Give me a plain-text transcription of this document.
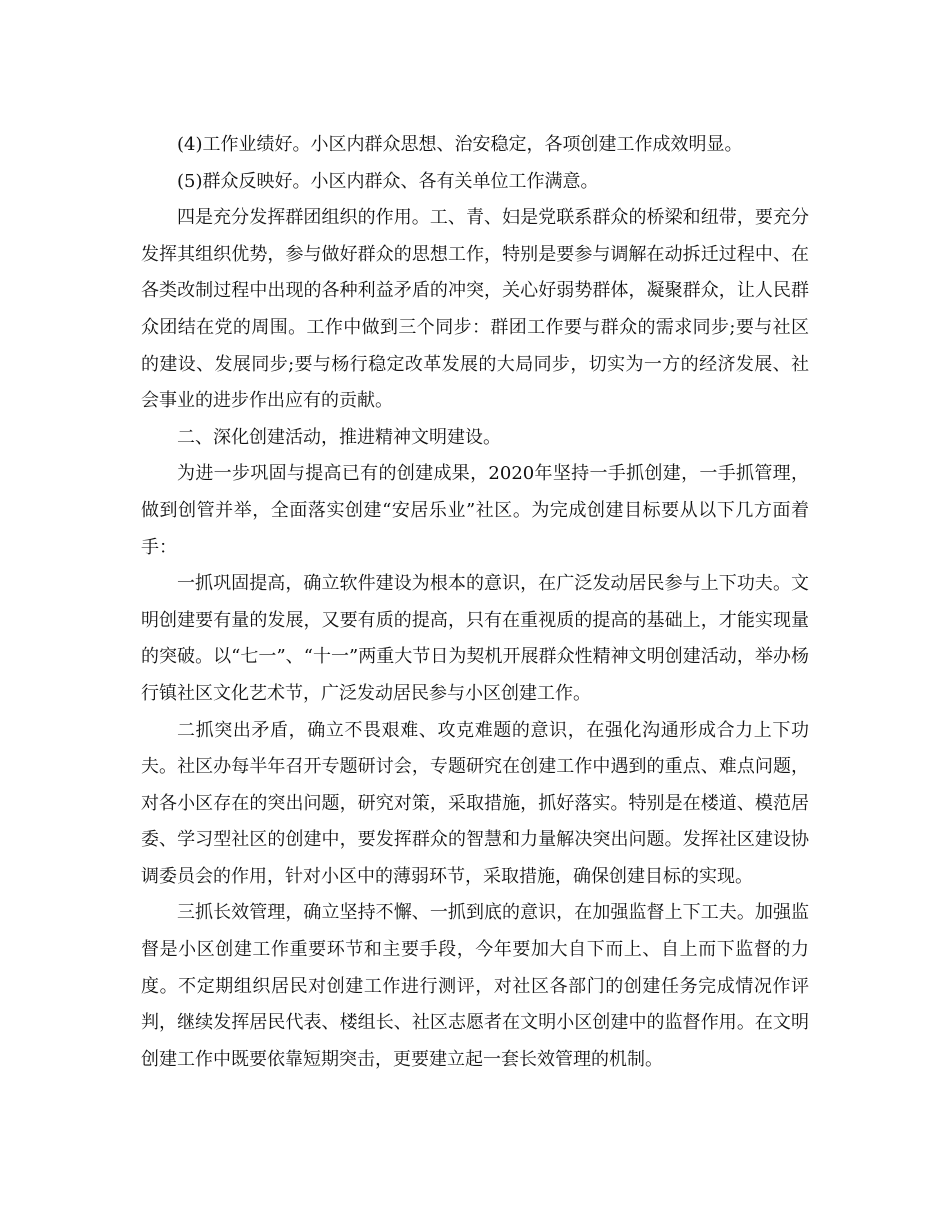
(4)工作业绩好。小区内群众思想、治安稳定，各项创建工作成效明显。

(5)群众反映好。小区内群众、各有关单位工作满意。

四是充分发挥群团组织的作用。工、青、妇是党联系群众的桥梁和纽带，要充分发挥其组织优势，参与做好群众的思想工作，特别是要参与调解在动拆迁过程中、在各类改制过程中出现的各种利益矛盾的冲突，关心好弱势群体，凝聚群众，让人民群众团结在党的周围。工作中做到三个同步：群团工作要与群众的需求同步;要与社区的建设、发展同步;要与杨行稳定改革发展的大局同步，切实为一方的经济发展、社会事业的进步作出应有的贡献。

二、深化创建活动，推进精神文明建设。

为进一步巩固与提高已有的创建成果，2020年坚持一手抓创建，一手抓管理，做到创管并举，全面落实创建“安居乐业”社区。为完成创建目标要从以下几方面着手：

一抓巩固提高，确立软件建设为根本的意识，在广泛发动居民参与上下功夫。文明创建要有量的发展，又要有质的提高，只有在重视质的提高的基础上，才能实现量的突破。以“七一”、“十一”两重大节日为契机开展群众性精神文明创建活动，举办杨行镇社区文化艺术节，广泛发动居民参与小区创建工作。

二抓突出矛盾，确立不畏艰难、攻克难题的意识，在强化沟通形成合力上下功夫。社区办每半年召开专题研讨会，专题研究在创建工作中遇到的重点、难点问题，对各小区存在的突出问题，研究对策，采取措施，抓好落实。特别是在楼道、模范居委、学习型社区的创建中，要发挥群众的智慧和力量解决突出问题。发挥社区建设协调委员会的作用，针对小区中的薄弱环节，采取措施，确保创建目标的实现。

三抓长效管理，确立坚持不懈、一抓到底的意识，在加强监督上下工夫。加强监督是小区创建工作重要环节和主要手段，今年要加大自下而上、自上而下监督的力度。不定期组织居民对创建工作进行测评，对社区各部门的创建任务完成情况作评判，继续发挥居民代表、楼组长、社区志愿者在文明小区创建中的监督作用。在文明创建工作中既要依靠短期突击，更要建立起一套长效管理的机制。
